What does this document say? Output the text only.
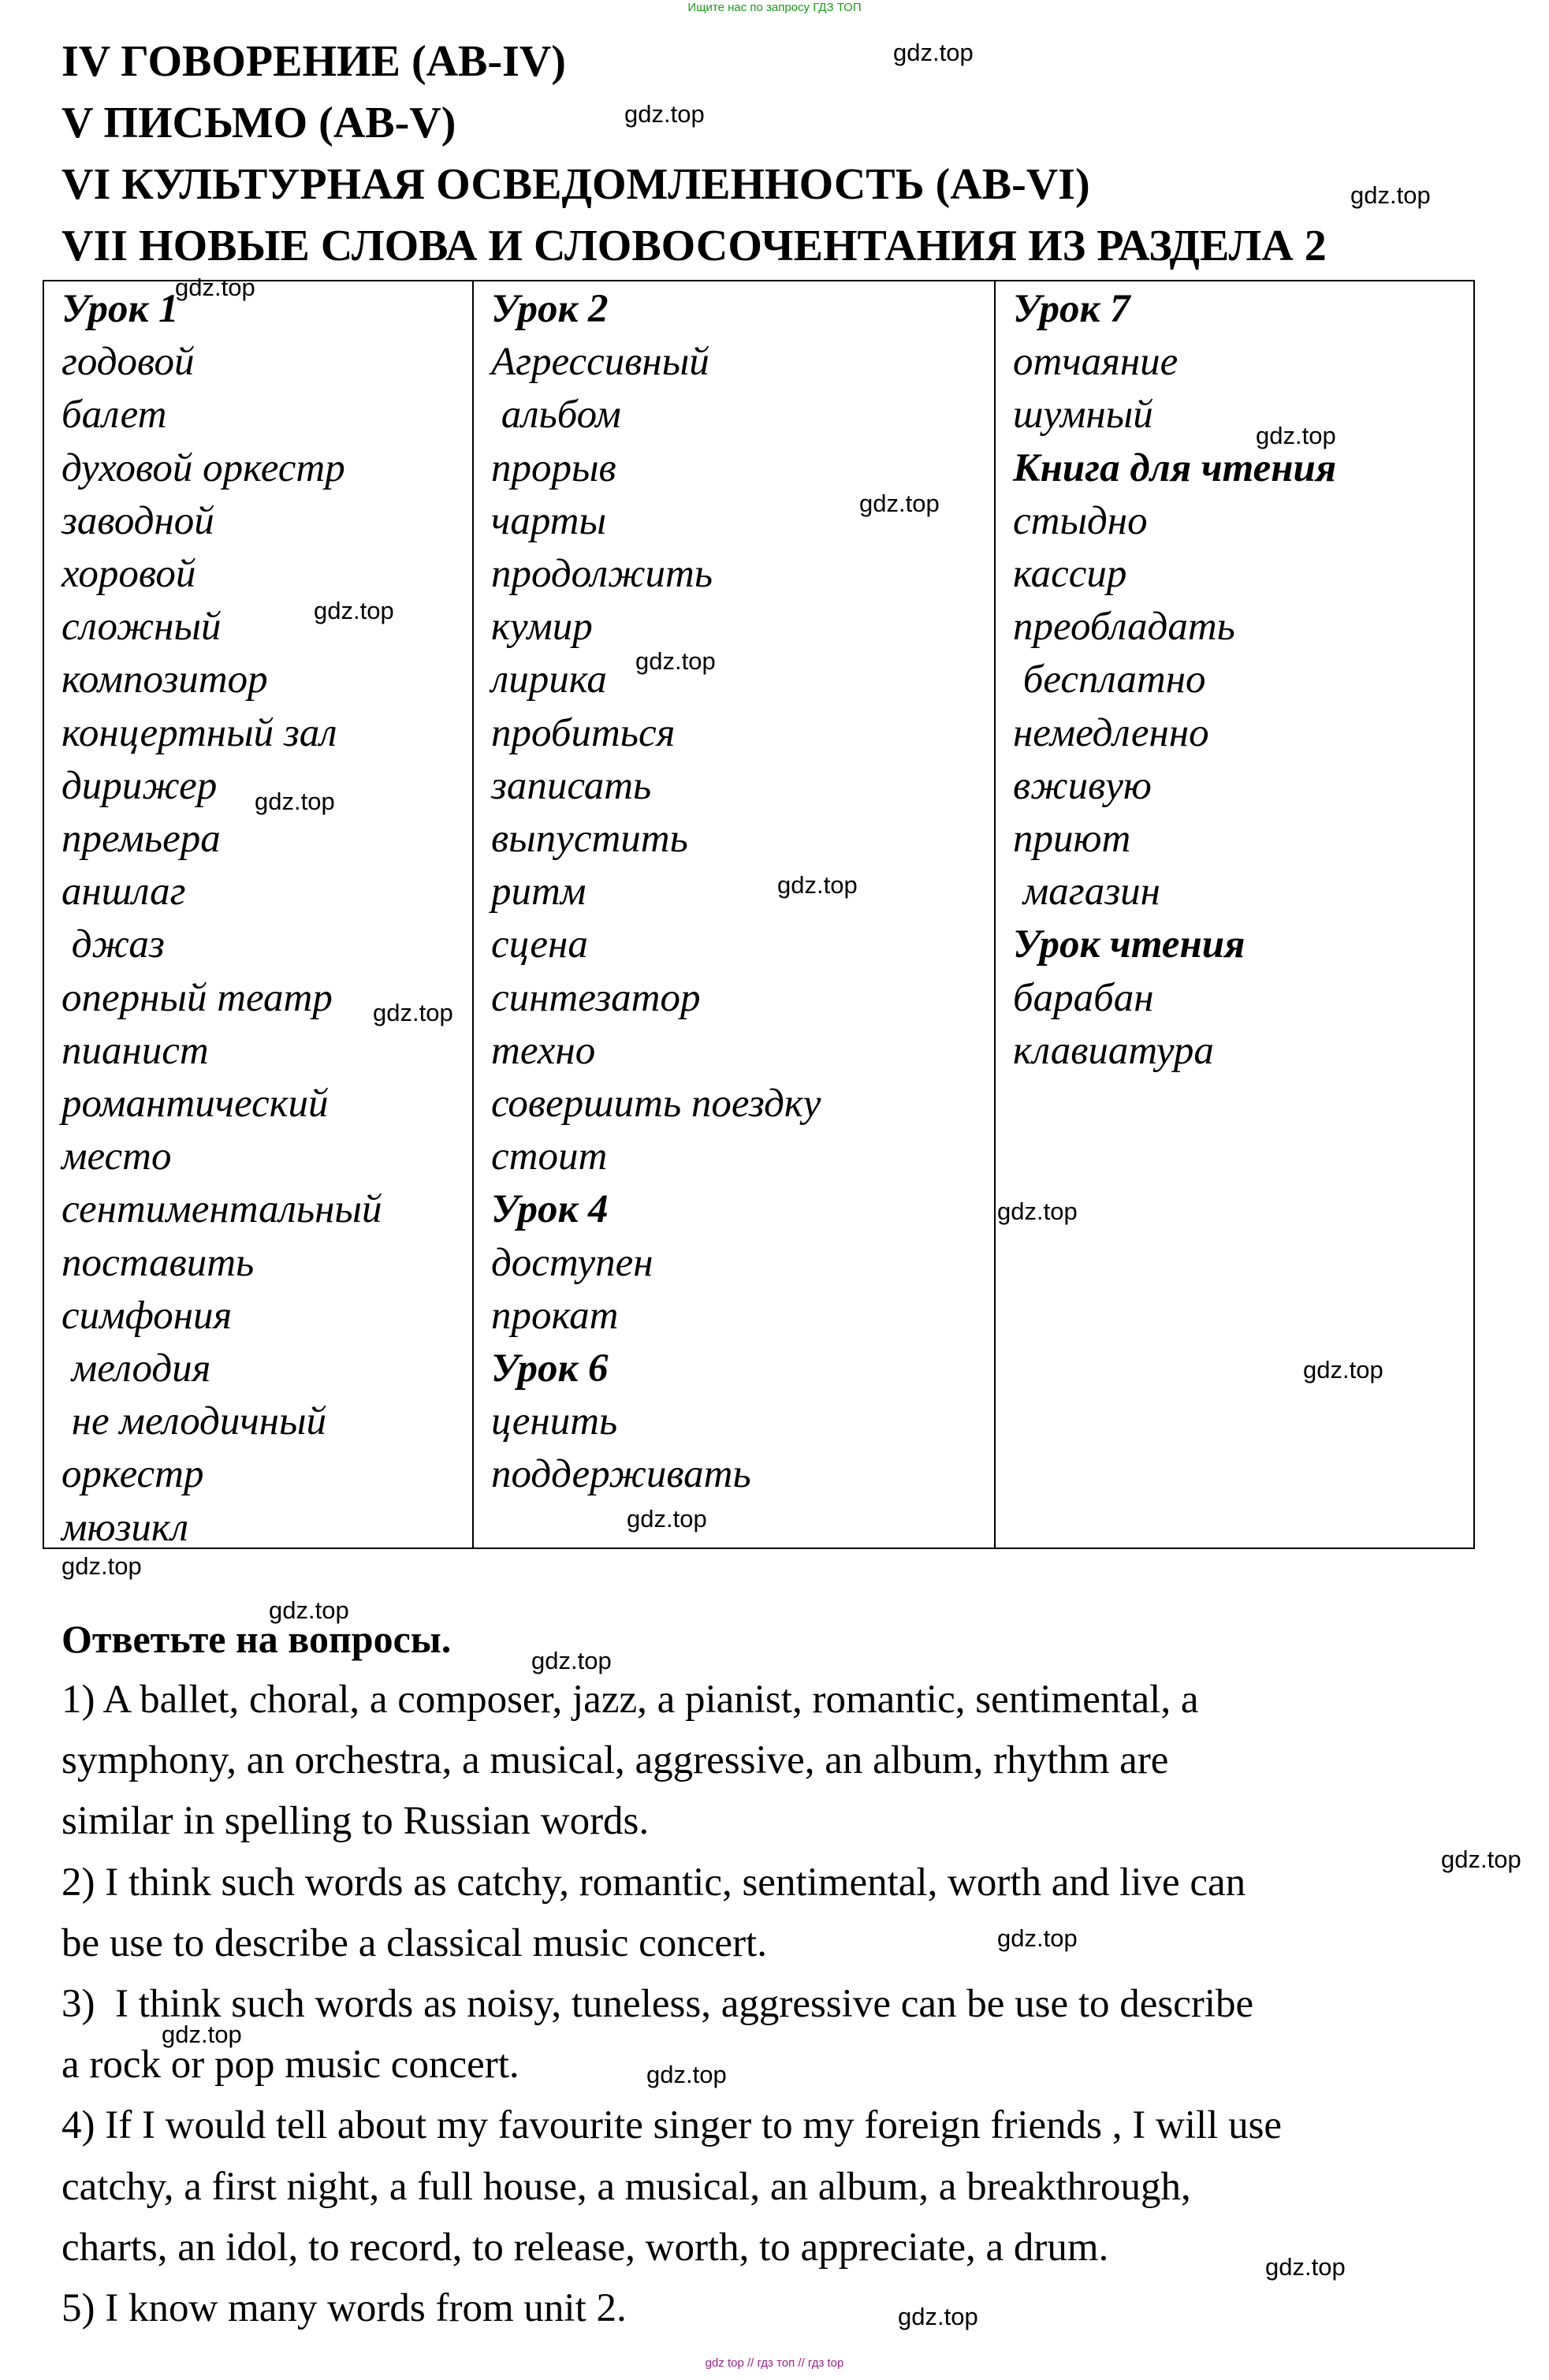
Ищите нас по запросу ГДЗ ТОП
IV ГОВОРЕНИЕ (AB-IV)
V ПИСЬМО (AB-V)
VI КУЛЬТУРНАЯ ОСВЕДОМЛЕННОСТЬ (AB-VI)
VII НОВЫЕ СЛОВА И СЛОВОСОЧЕНТАНИЯ ИЗ РАЗДЕЛА 2
Урок 1
годовой
балет
духовой оркестр
заводной
хоровой
сложный
композитор
концертный зал
дирижер
премьера
аншлаг
джаз
оперный театр
пианист
романтический
место
сентиментальный
поставить
симфония
мелодия
не мелодичный
оркестр
мюзикл
Урок 2
Агрессивный
альбом
прорыв
чарты
продолжить
кумир
лирика
пробиться
записать
выпустить
ритм
сцена
синтезатор
техно
совершить поездку
стоит
Урок 4
доступен
прокат
Урок 6
ценить
поддерживать
Урок 7
отчаяние
шумный
Книга для чтения
стыдно
кассир
преобладать
бесплатно
немедленно
вживую
приют
магазин
Урок чтения
барабан
клавиатура
Ответьте на вопросы.
1) A ballet, choral, a composer, jazz, a pianist, romantic, sentimental, a
symphony, an orchestra, a musical, aggressive, an album, rhythm are
similar in spelling to Russian words.
2) I think such words as catchy, romantic, sentimental, worth and live can
be use to describe a classical music concert.
3)  I think such words as noisy, tuneless, aggressive can be use to describe
a rock or pop music concert.
4) If I would tell about my favourite singer to my foreign friends , I will use
catchy, a first night, a full house, a musical, an album, a breakthrough,
charts, an idol, to record, to release, worth, to appreciate, a drum.
5) I know many words from unit 2.
gdz.top
gdz.top
gdz.top
gdz.top
gdz.top
gdz.top
gdz.top
gdz.top
gdz.top
gdz.top
gdz.top
gdz.top
gdz.top
gdz.top
gdz.top
gdz.top
gdz.top
gdz.top
gdz.top
gdz.top
gdz.top
gdz.top
gdz.top
gdz top // гдз топ // гдз top
